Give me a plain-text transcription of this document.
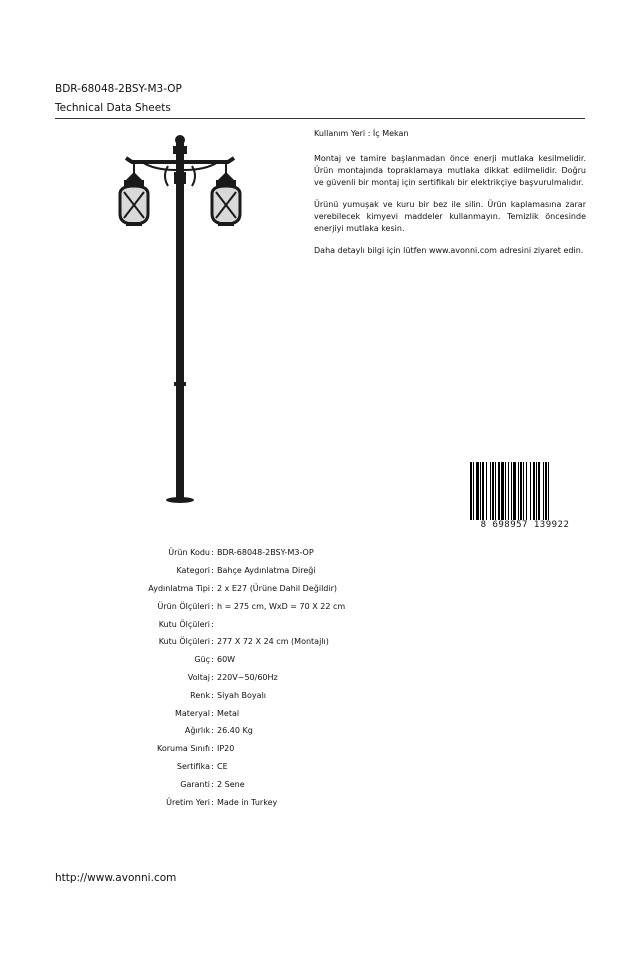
BDR-68048-2BSY-M3-OP
Technical Data Sheets

Kullanım Yeri : İç Mekan

Montaj ve tamire başlanmadan önce enerji mutlaka kesilmelidir. Ürün montajında topraklamaya mutlaka dikkat edilmelidir. Doğru ve güvenli bir montaj için sertifikalı bir elektrikçiye başvurulmalıdır.

Ürünü yumuşak ve kuru bir bez ile silin. Ürün kaplamasına zarar verebilecek kimyevi maddeler kullanmayın. Temizlik öncesinde enerjiyi mutlaka kesin.

Daha detaylı bilgi için lütfen www.avonni.com adresini ziyaret edin.

8 698957 139922
Ürün Kodu : BDR-68048-2BSY-M3-OP
Kategori : Bahçe Aydınlatma Direği
Aydınlatma Tipi : 2 x E27 (Ürüne Dahil Değildir)
Ürün Ölçüleri : h = 275 cm, WxD = 70 X 22 cm
Kutu Ölçüleri :
Kutu Ölçüleri : 277 X 72 X 24 cm (Montajlı)
Güç : 60W
Voltaj : 220V~50/60Hz
Renk : Siyah Boyalı
Materyal : Metal
Ağırlık : 26.40 Kg
Koruma Sınıfı : IP20
Sertifika : CE
Garanti : 2 Sene
Üretim Yeri : Made in Turkey
http://www.avonni.com
